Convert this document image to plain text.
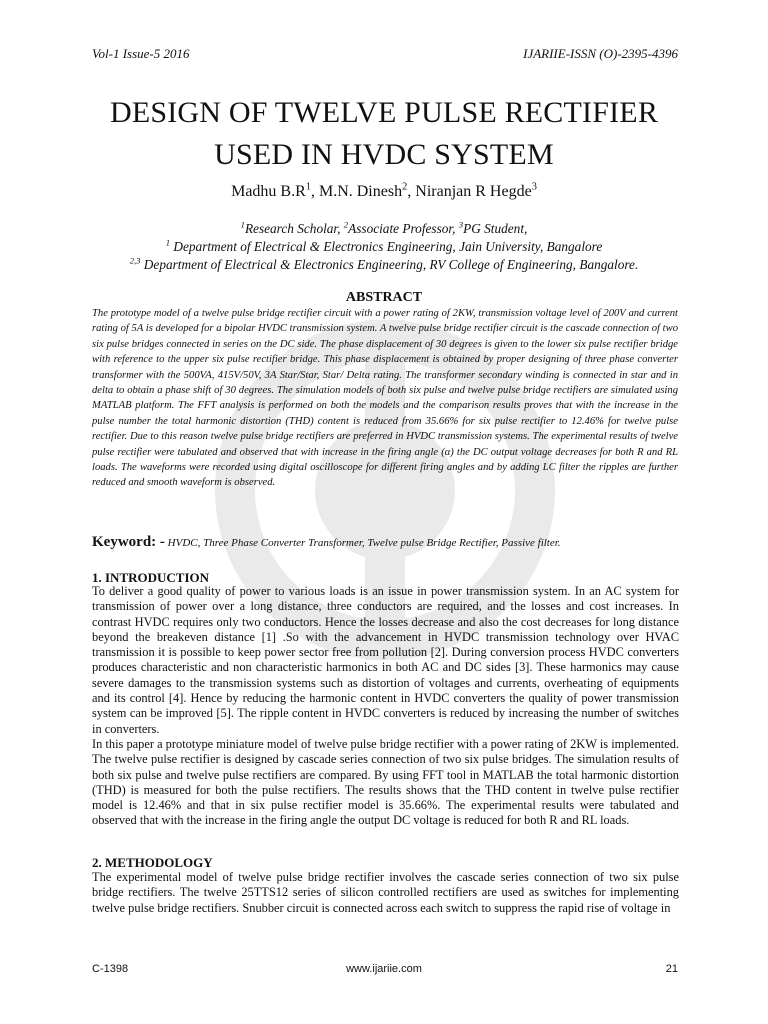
Vol-1 Issue-5 2016	IJARIIE-ISSN (O)-2395-4396
DESIGN OF TWELVE PULSE RECTIFIER
USED IN HVDC SYSTEM
Madhu $B.R^1$, M.N. Dinesh$^2$, Niranjan R Hegde$^3$
$^1$Research Scholar, $^2$Associate Professor, $^3$PG Student,
$^1$ Department of Electrical & Electronics Engineering, Jain University, Bangalore
$^{2,3}$ Department of Electrical & Electronics Engineering, RV College of Engineering, Bangalore.
ABSTRACT
The prototype model of a twelve pulse bridge rectifier circuit with a power rating of 2KW, transmission voltage level of 200V and current rating of 5A is developed for a bipolar HVDC transmission system. A twelve pulse bridge rectifier circuit is the cascade connection of two six pulse bridges connected in series on the DC side. The phase displacement of 30 degrees is given to the lower six pulse rectifier bridge with reference to the upper six pulse rectifier bridge. This phase displacement is obtained by proper designing of three phase converter transformer with the 500VA, 415V/50V, 3A Star/Star, Star/ Delta rating. The transformer secondary winding is connected in star and in delta to obtain a phase shift of 30 degrees. The simulation models of both six pulse and twelve pulse bridge rectifiers are simulated using MATLAB platform. The FFT analysis is performed on both the models and the comparison results proves that with the increase in the pulse number the total harmonic distortion (THD) content is reduced from 35.66% for six pulse rectifier to 12.46% for twelve pulse rectifier. Due to this reason twelve pulse bridge rectifiers are preferred in HVDC transmission systems. The experimental results of twelve pulse rectifier were tabulated and observed that with increase in the firing angle (α) the DC output voltage decreases for both R and RL loads. The waveforms were recorded using digital oscilloscope for different firing angles and by adding LC filter the ripples are further reduced and smooth waveform is observed.
Keyword: - HVDC, Three Phase Converter Transformer, Twelve pulse Bridge Rectifier, Passive filter.
1. INTRODUCTION
To deliver a good quality of power to various loads is an issue in power transmission system. In an AC system for transmission of power over a long distance, three conductors are required, and the losses and cost increases. In contrast HVDC requires only two conductors. Hence the losses decrease and also the cost decreases for long distance beyond the breakeven distance [1] .So with the advancement in HVDC transmission technology over HVAC transmission it is possible to keep power sector free from pollution [2]. During conversion process HVDC converters produces characteristic and non characteristic harmonics in both AC and DC sides [3]. These harmonics may cause severe damages to the transmission systems such as distortion of voltages and currents, overheating of equipments and its control [4]. Hence by reducing the harmonic content in HVDC converters the quality of power transmission system can be improved [5]. The ripple content in HVDC converters is reduced by increasing the number of switches in converters.
In this paper a prototype miniature model of twelve pulse bridge rectifier with a power rating of 2KW is implemented. The twelve pulse rectifier is designed by cascade series connection of two six pulse bridges. The simulation results of both six pulse and twelve pulse rectifiers are compared. By using FFT tool in MATLAB the total harmonic distortion (THD) is measured for both the pulse rectifiers. The results shows that the THD content in twelve pulse rectifier model is 12.46% and that in six pulse rectifier model is 35.66%. The experimental results were tabulated and observed that with the increase in the firing angle the output DC voltage is reduced for both R and RL loads.
2. METHODOLOGY
The experimental model of twelve pulse bridge rectifier involves the cascade series connection of two six pulse bridge rectifiers. The twelve 25TTS12 series of silicon controlled rectifiers are used as switches for implementing twelve pulse bridge rectifiers. Snubber circuit is connected across each switch to suppress the rapid rise of voltage in
C-1398	www.ijariie.com	21
